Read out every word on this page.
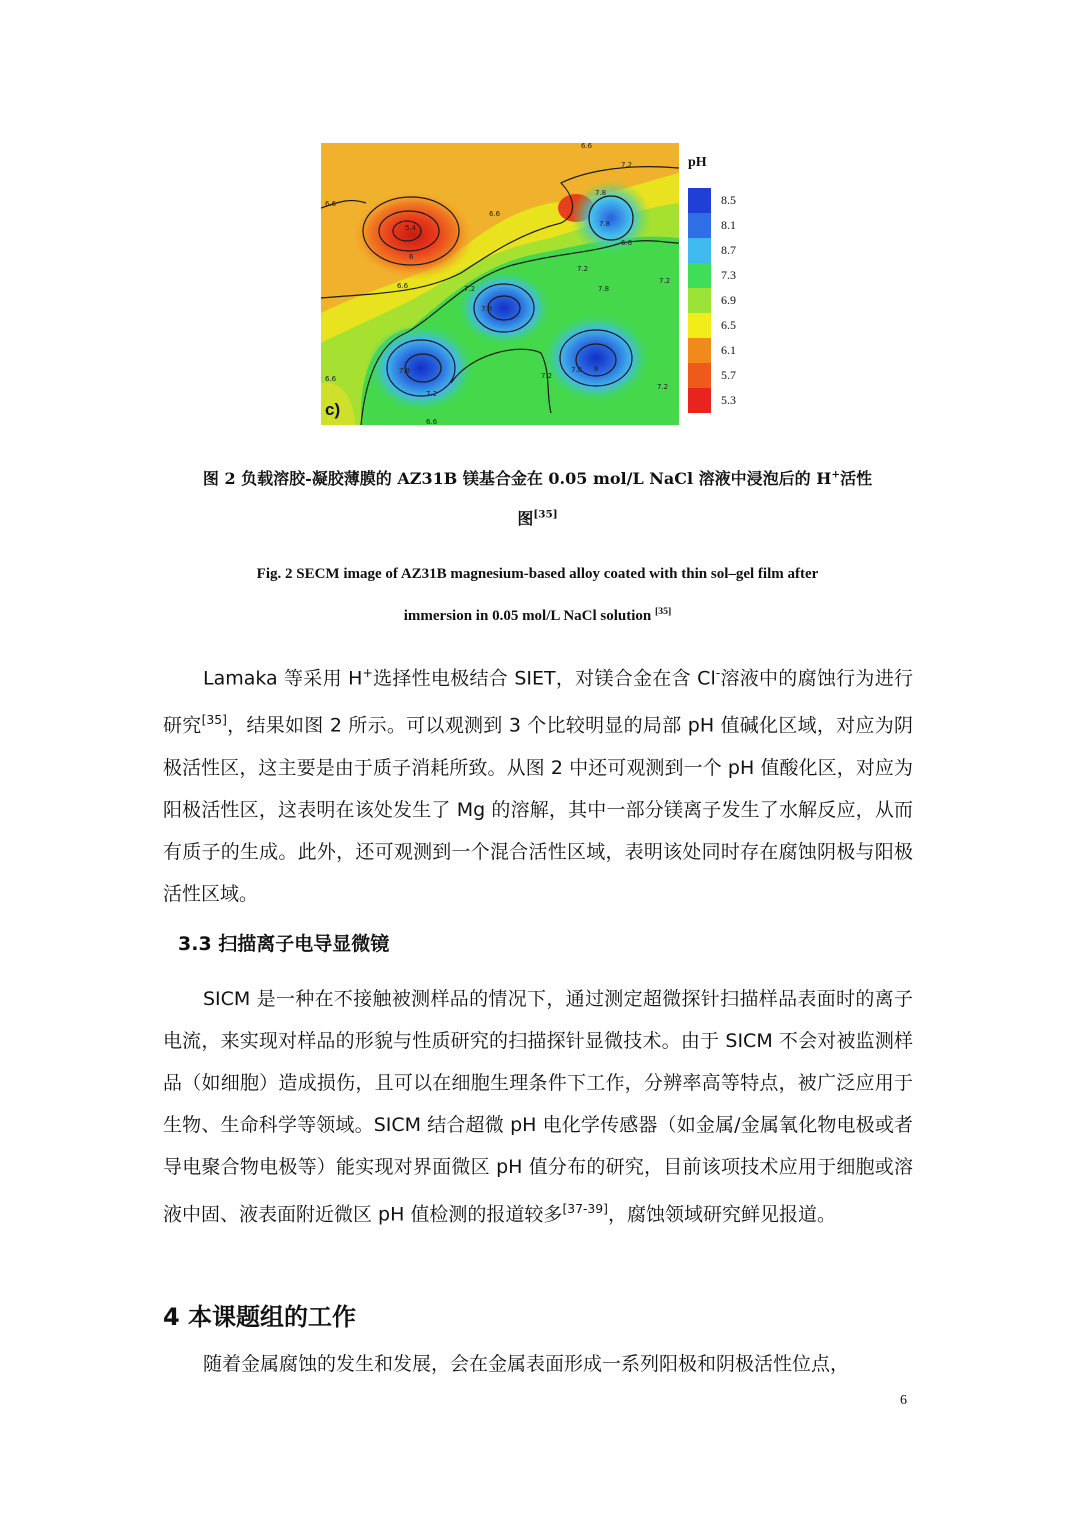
6.6
6.6
5.4
6
6.6
6.6
7.2
7.8
7.8
7.2
7.8
7.8
7.2
7.2
6.6
6.6
7.2
7.8 8
7.2
7.8
7.2
6.6
c)
pH
8.5
8.1
8.7
7.3
6.9
6.5
6.1
5.7
5.3
图 2 负载溶胶-凝胶薄膜的 AZ31B 镁基合金在 0.05 mol/L NaCl 溶液中浸泡后的 H+活性
图[35]
Fig. 2 SECM image of AZ31B magnesium-based alloy coated with thin sol–gel film after
immersion in 0.05 mol/L NaCl solution [35]
Lamaka 等采用 H+选择性电极结合 SIET，对镁合金在含 Cl-溶液中的腐蚀行为进行研究[35]，结果如图 2 所示。可以观测到 3 个比较明显的局部 pH 值碱化区域，对应为阴极活性区，这主要是由于质子消耗所致。从图 2 中还可观测到一个 pH 值酸化区，对应为阳极活性区，这表明在该处发生了 Mg 的溶解，其中一部分镁离子发生了水解反应，从而有质子的生成。此外，还可观测到一个混合活性区域，表明该处同时存在腐蚀阴极与阳极活性区域。
3.3 扫描离子电导显微镜
SICM 是一种在不接触被测样品的情况下，通过测定超微探针扫描样品表面时的离子电流，来实现对样品的形貌与性质研究的扫描探针显微技术。由于 SICM 不会对被监测样品（如细胞）造成损伤，且可以在细胞生理条件下工作，分辨率高等特点，被广泛应用于生物、生命科学等领域。SICM 结合超微 pH 电化学传感器（如金属/金属氧化物电极或者导电聚合物电极等）能实现对界面微区 pH 值分布的研究，目前该项技术应用于细胞或溶液中固、液表面附近微区 pH 值检测的报道较多[37-39]，腐蚀领域研究鲜见报道。
4 本课题组的工作
随着金属腐蚀的发生和发展，会在金属表面形成一系列阳极和阴极活性位点，
6
